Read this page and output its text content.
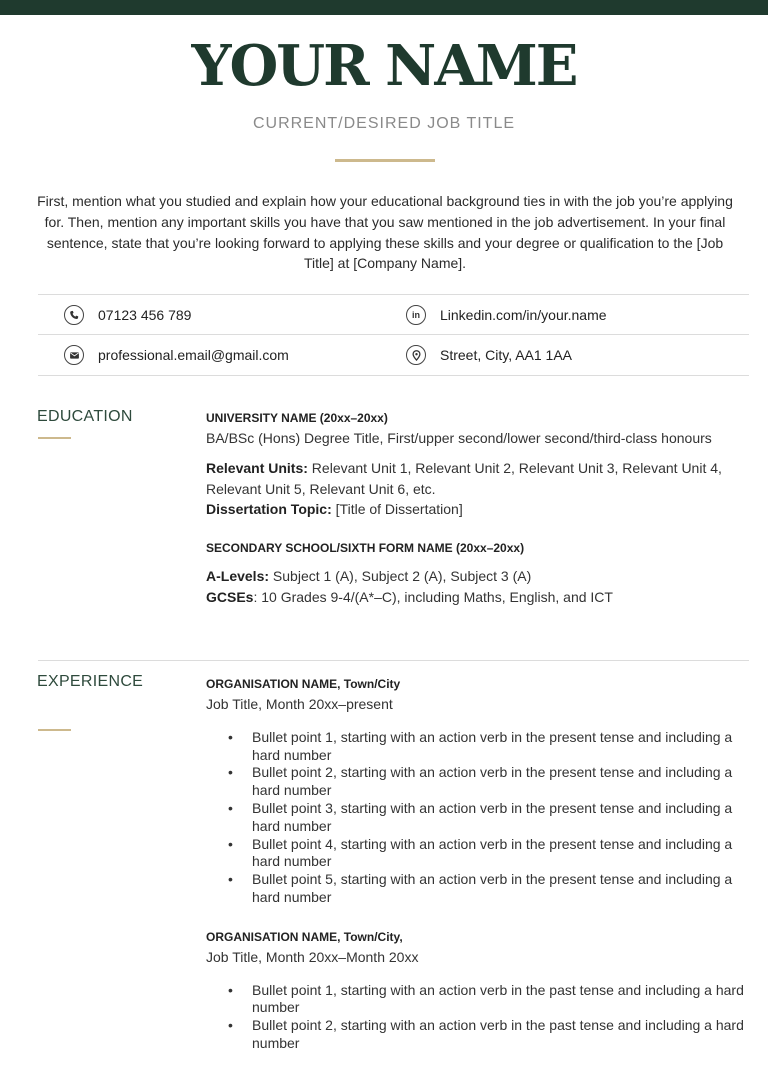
YOUR NAME
CURRENT/DESIRED JOB TITLE

First, mention what you studied and explain how your educational background ties in with the job you’re applying for. Then, mention any important skills you have that you saw mentioned in the job advertisement. In your final sentence, state that you’re looking forward to applying these skills and your degree or qualification to the [Job Title] at [Company Name].

07123 456 789	in Linkedin.com/in/your.name
professional.email@gmail.com	Street, City, AA1 1AA
EDUCATION	UNIVERSITY NAME (20xx–20xx)
BA/BSc (Hons) Degree Title, First/upper second/lower second/third-class honours
Relevant Units: Relevant Unit 1, Relevant Unit 2, Relevant Unit 3, Relevant Unit 4, Relevant Unit 5, Relevant Unit 6, etc.
Dissertation Topic: [Title of Dissertation]
SECONDARY SCHOOL/SIXTH FORM NAME (20xx–20xx)
A-Levels: Subject 1 (A), Subject 2 (A), Subject 3 (A)
GCSEs: 10 Grades 9-4/(A*–C), including Maths, English, and ICT
EXPERIENCE	ORGANISATION NAME, Town/City
Job Title, Month 20xx–present
• Bullet point 1, starting with an action verb in the present tense and including a hard number
• Bullet point 2, starting with an action verb in the present tense and including a hard number
• Bullet point 3, starting with an action verb in the present tense and including a hard number
• Bullet point 4, starting with an action verb in the present tense and including a hard number
• Bullet point 5, starting with an action verb in the present tense and including a hard number
ORGANISATION NAME, Town/City,
Job Title, Month 20xx–Month 20xx
• Bullet point 1, starting with an action verb in the past tense and including a hard number
• Bullet point 2, starting with an action verb in the past tense and including a hard number
